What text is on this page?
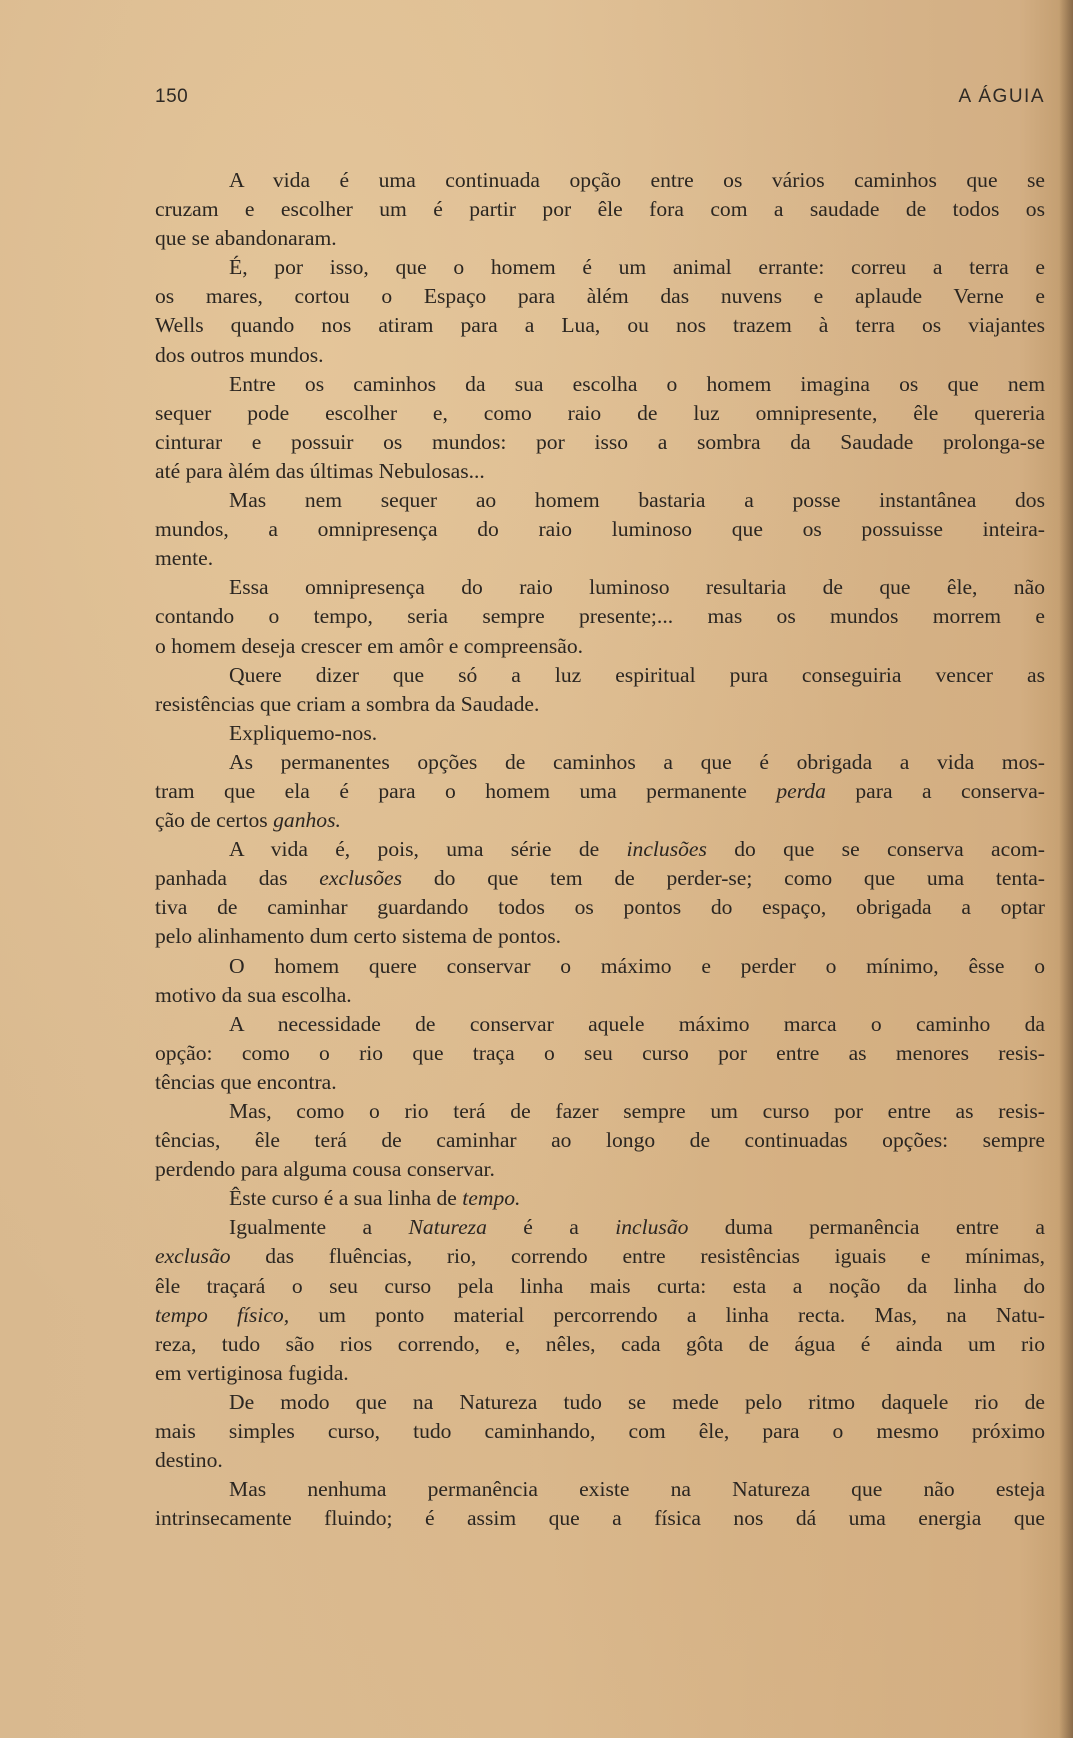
150	A ÁGUIA
A vida é uma continuada opção entre os vários caminhos que se
cruzam e escolher um é partir por êle fora com a saudade de todos os
que se abandonaram.
É, por isso, que o homem é um animal errante: correu a terra e
os mares, cortou o Espaço para àlém das nuvens e aplaude Verne e
Wells quando nos atiram para a Lua, ou nos trazem à terra os viajantes
dos outros mundos.
Entre os caminhos da sua escolha o homem imagina os que nem
sequer pode escolher e, como raio de luz omnipresente, êle quereria
cinturar e possuir os mundos: por isso a sombra da Saudade prolonga-se
até para àlém das últimas Nebulosas...
Mas nem sequer ao homem bastaria a posse instantânea dos
mundos, a omnipresença do raio luminoso que os possuisse inteira-
mente.
Essa omnipresença do raio luminoso resultaria de que êle, não
contando o tempo, seria sempre presente;... mas os mundos morrem e
o homem deseja crescer em amôr e compreensão.
Quere dizer que só a luz espiritual pura conseguiria vencer as
resistências que criam a sombra da Saudade.
Expliquemo-nos.
As permanentes opções de caminhos a que é obrigada a vida mos-
tram que ela é para o homem uma permanente perda para a conserva-
ção de certos ganhos.
A vida é, pois, uma série de inclusões do que se conserva acom-
panhada das exclusões do que tem de perder-se; como que uma tenta-
tiva de caminhar guardando todos os pontos do espaço, obrigada a optar
pelo alinhamento dum certo sistema de pontos.
O homem quere conservar o máximo e perder o mínimo, êsse o
motivo da sua escolha.
A necessidade de conservar aquele máximo marca o caminho da
opção: como o rio que traça o seu curso por entre as menores resis-
tências que encontra.
Mas, como o rio terá de fazer sempre um curso por entre as resis-
tências, êle terá de caminhar ao longo de continuadas opções: sempre
perdendo para alguma cousa conservar.
Êste curso é a sua linha de tempo.
Igualmente a Natureza é a inclusão duma permanência entre a
exclusão das fluências, rio, correndo entre resistências iguais e mínimas,
êle traçará o seu curso pela linha mais curta: esta a noção da linha do
tempo físico, um ponto material percorrendo a linha recta. Mas, na Natu-
reza, tudo são rios correndo, e, nêles, cada gôta de água é ainda um rio
em vertiginosa fugida.
De modo que na Natureza tudo se mede pelo ritmo daquele rio de
mais simples curso, tudo caminhando, com êle, para o mesmo próximo
destino.
Mas nenhuma permanência existe na Natureza que não esteja
intrinsecamente fluindo; é assim que a física nos dá uma energia que
